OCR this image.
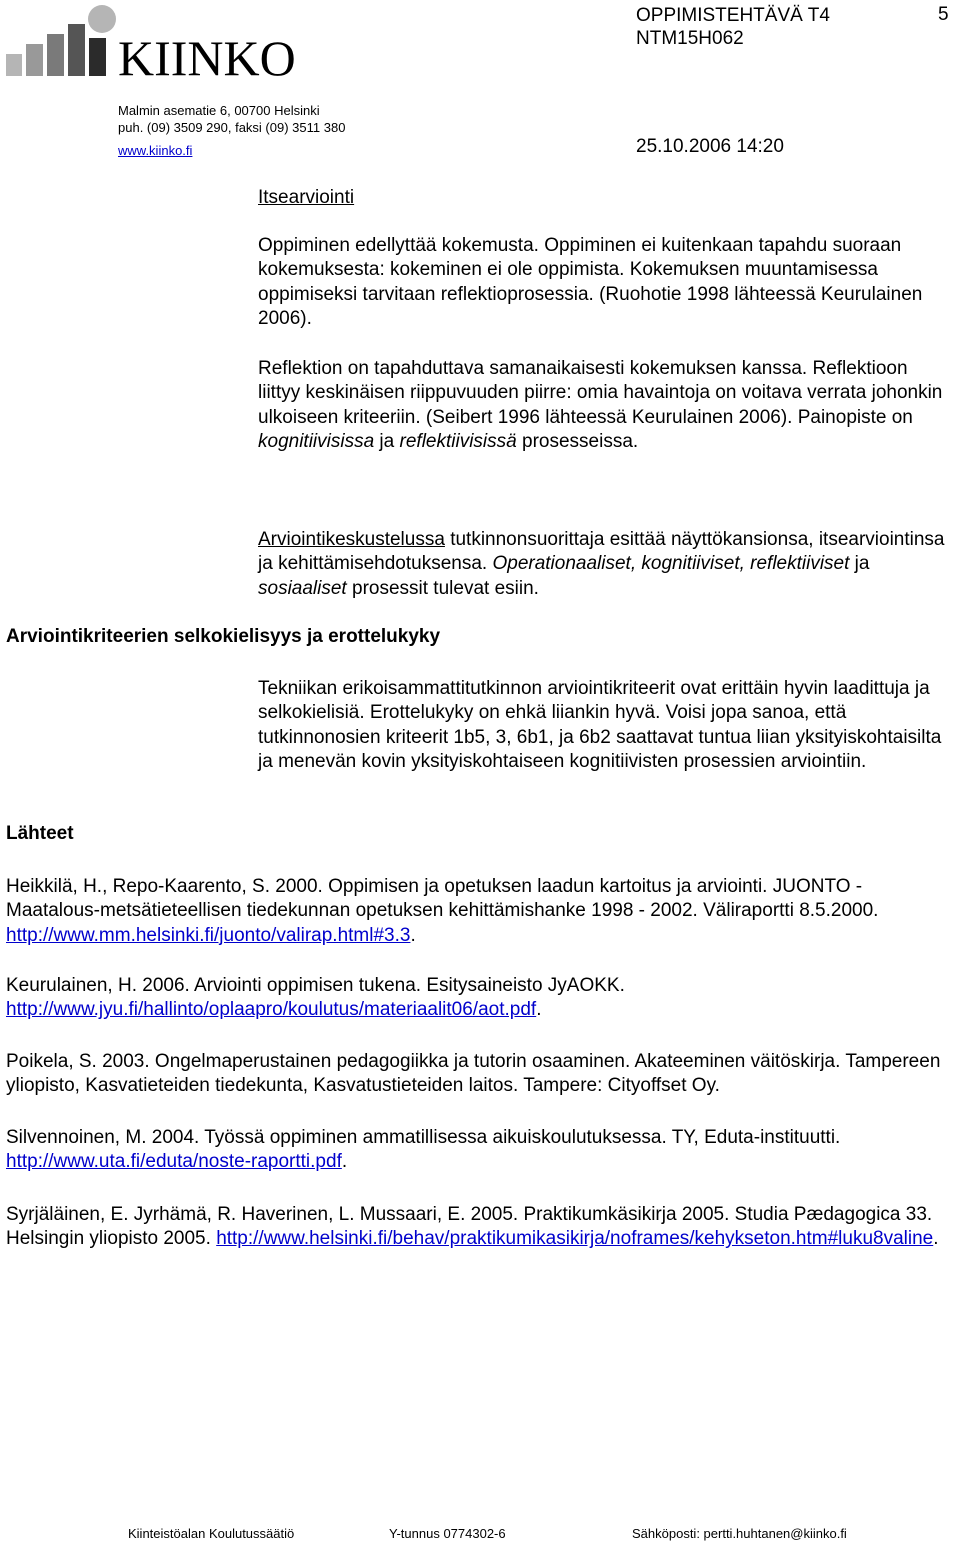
KIINKO
Malmin asematie 6, 00700 Helsinki
puh. (09) 3509 290, faksi (09) 3511 380
www.kiinko.fi
OPPIMISTEHTÄVÄ T4
NTM15H062
5
25.10.2006 14:20
Itsearviointi

Oppiminen edellyttää kokemusta. Oppiminen ei kuitenkaan tapahdu suoraan kokemuksesta: kokeminen ei ole oppimista. Kokemuksen muuntamisessa oppimiseksi tarvitaan reflektioprosessia. (Ruohotie 1998 lähteessä Keurulainen 2006).

Reflektion on tapahduttava samanaikaisesti kokemuksen kanssa. Reflektioon liittyy keskinäisen riippuvuuden piirre: omia havaintoja on voitava verrata johonkin ulkoiseen kriteeriin. (Seibert 1996 lähteessä Keurulainen 2006). Painopiste on kognitiivisissa ja reflektiivisissä prosesseissa.

Arviointikeskustelussa tutkinnonsuorittaja esittää näyttökansionsa, itsearviointinsa ja kehittämisehdotuksensa. Operationaaliset, kognitiiviset, reflektiiviset ja sosiaaliset prosessit tulevat esiin.

Arviointikriteerien selkokielisyys ja erottelukyky

Tekniikan erikoisammattitutkinnon arviointikriteerit ovat erittäin hyvin laadittuja ja selkokielisiä. Erottelukyky on ehkä liiankin hyvä. Voisi jopa sanoa, että tutkinnonosien kriteerit 1b5, 3, 6b1, ja 6b2 saattavat tuntua liian yksityiskohtaisilta ja menevän kovin yksityiskohtaiseen kognitiivisten prosessien arviointiin.

Lähteet

Heikkilä, H., Repo-Kaarento, S. 2000. Oppimisen ja opetuksen laadun kartoitus ja arviointi. JUONTO - Maatalous-metsätieteellisen tiedekunnan opetuksen kehittämishanke 1998 - 2002. Väliraportti 8.5.2000. http://www.mm.helsinki.fi/juonto/valirap.html#3.3.

Keurulainen, H. 2006. Arviointi oppimisen tukena. Esitysaineisto JyAOKK. http://www.jyu.fi/hallinto/oplaapro/koulutus/materiaalit06/aot.pdf.

Poikela, S. 2003. Ongelmaperustainen pedagogiikka ja tutorin osaaminen. Akateeminen väitöskirja. Tampereen yliopisto, Kasvatieteiden tiedekunta, Kasvatustieteiden laitos. Tampere: Cityoffset Oy.

Silvennoinen, M. 2004. Työssä oppiminen ammatillisessa aikuiskoulutuksessa. TY, Eduta-instituutti. http://www.uta.fi/eduta/noste-raportti.pdf.

Syrjäläinen, E. Jyrhämä, R. Haverinen, L. Mussaari, E. 2005. Praktikumkäsikirja 2005. Studia Pædagogica 33. Helsingin yliopisto 2005. http://www.helsinki.fi/behav/praktikumikasikirja/noframes/kehykseton.htm#luku8valine.

Kiinteistöalan Koulutussäätiö	Y-tunnus 0774302-6	Sähköposti: pertti.huhtanen@kiinko.fi
